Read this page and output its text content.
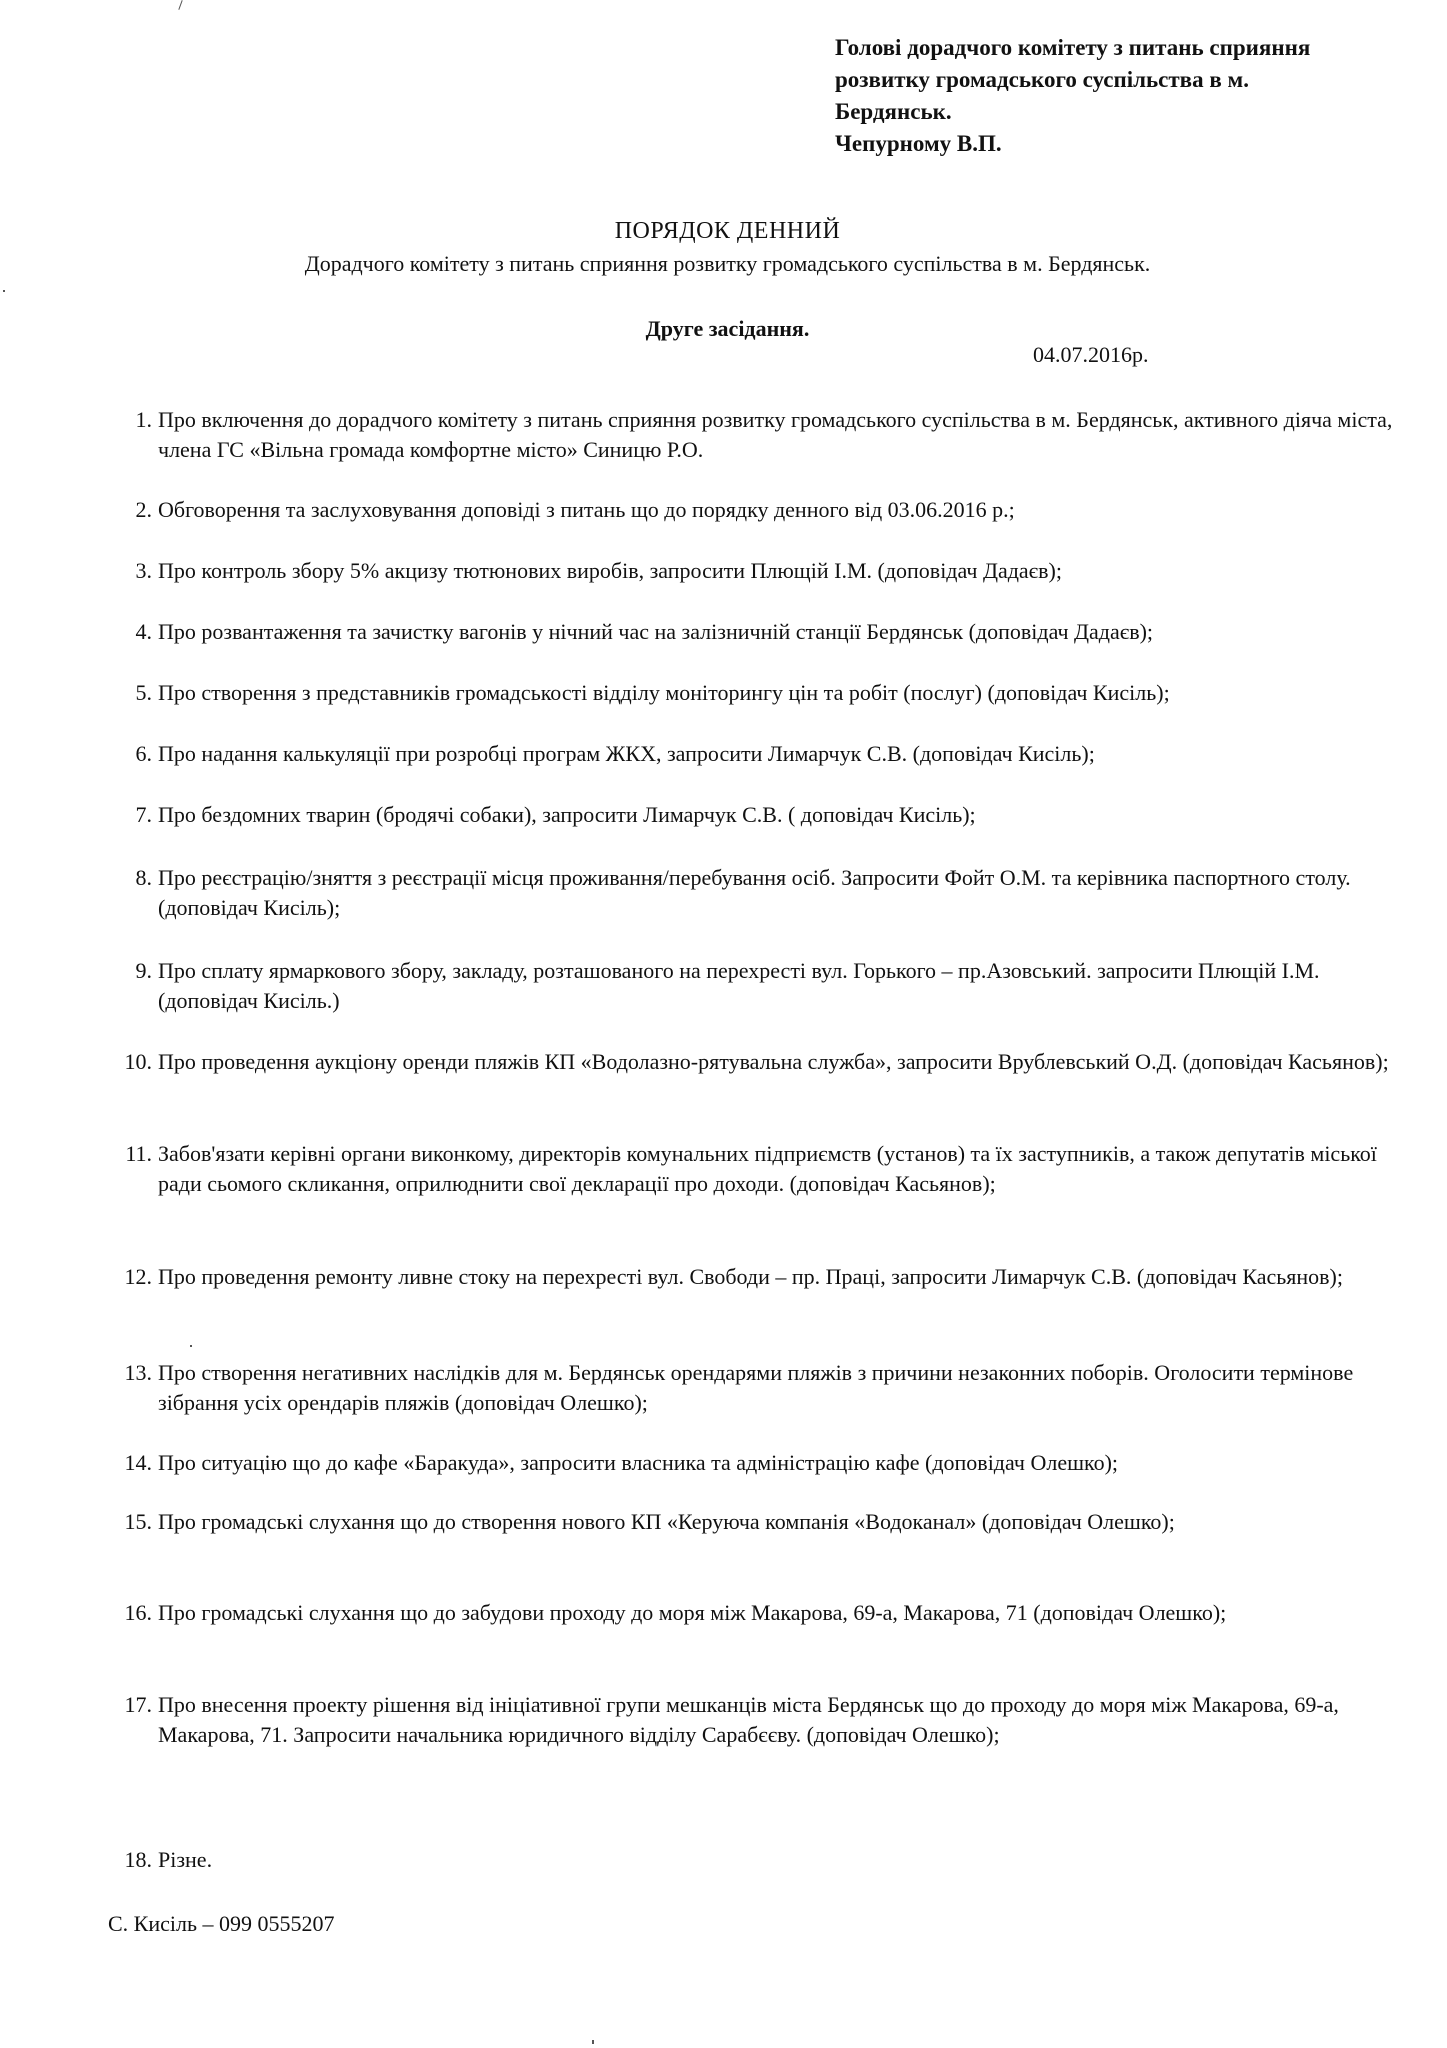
Голові дорадчого комітету з питань сприяння
розвитку громадського суспільства в м.
Бердянськ.
Чепурному В.П.
ПОРЯДОК ДЕННИЙ
Дорадчого комітету з питань сприяння розвитку громадського суспільства в м. Бердянськ.
Друге засідання.
04.07.2016р.
1. Про включення до дорадчого комітету з питань сприяння розвитку громадського суспільства в м. Бердянськ, активного діяча міста, члена ГС «Вільна громада комфортне місто» Синицю Р.О.
2. Обговорення та заслуховування доповіді з питань що до порядку денного від 03.06.2016 р.;
3. Про контроль збору 5% акцизу тютюнових виробів, запросити Плющій І.М. (доповідач Дадаєв);
4. Про розвантаження та зачистку вагонів у нічний час на залізничній станції Бердянськ (доповідач Дадаєв);
5. Про створення з представників громадськості відділу моніторингу цін та робіт (послуг) (доповідач Кисіль);
6. Про надання калькуляції при розробці програм ЖКХ, запросити Лимарчук С.В. (доповідач Кисіль);
7. Про бездомних тварин (бродячі собаки), запросити Лимарчук С.В. ( доповідач Кисіль);
8. Про реєстрацію/зняття з реєстрації місця проживання/перебування осіб. Запросити Фойт О.М. та керівника паспортного столу. (доповідач Кисіль);
9. Про сплату ярмаркового збору, закладу, розташованого на перехресті вул. Горького – пр.Азовський. запросити Плющій І.М. (доповідач Кисіль.)
10. Про проведення аукціону оренди пляжів КП «Водолазно-рятувальна служба», запросити Врублевський О.Д. (доповідач Касьянов);
11. Забов'язати керівні органи виконкому, директорів комунальних підприємств (установ) та їх заступників, а також депутатів міської ради сьомого скликання, оприлюднити свої декларації про доходи. (доповідач Касьянов);
12. Про проведення ремонту ливне стоку на перехресті вул. Свободи – пр. Праці, запросити Лимарчук С.В. (доповідач Касьянов);
13. Про створення негативних наслідків для м. Бердянськ орендарями пляжів з причини незаконних поборів. Оголосити термінове зібрання усіх орендарів пляжів (доповідач Олешко);
14. Про ситуацію що до кафе «Баракуда», запросити власника та адміністрацію кафе (доповідач Олешко);
15. Про громадські слухання що до створення нового КП «Керуюча компанія «Водоканал» (доповідач Олешко);
16. Про громадські слухання що до забудови проходу до моря між Макарова, 69-а, Макарова, 71 (доповідач Олешко);
17. Про внесення проекту рішення від ініціативної групи мешканців міста Бердянськ що до проходу до моря між Макарова, 69-а, Макарова, 71. Запросити начальника юридичного відділу Сарабєєву. (доповідач Олешко);
18. Різне.
С. Кисіль – 099 0555207
